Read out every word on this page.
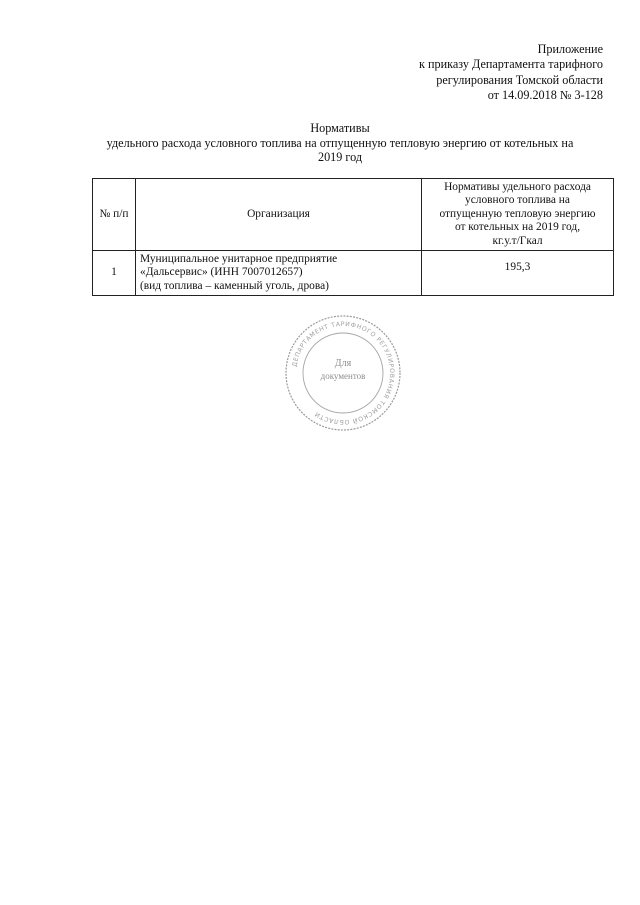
Приложение
к приказу Департамента тарифного
регулирования Томской области
от 14.09.2018 № 3-128
Нормативы
удельного расхода условного топлива на отпущенную тепловую энергию от котельных на
2019 год
№ п/п	Организация	Нормативы удельного расхода
условного топлива на
отпущенную тепловую энергию
от котельных на 2019 год,
кг.у.т/Гкал

1	Муниципальное унитарное предприятие
«Дальсервис» (ИНН 7007012657)
(вид топлива – каменный уголь, дрова)	195,3
ДЕПАРТАМЕНТ ТАРИФНОГО РЕГУЛИРОВАНИЯ ТОМСКОЙ ОБЛАСТИ
Для
документов
